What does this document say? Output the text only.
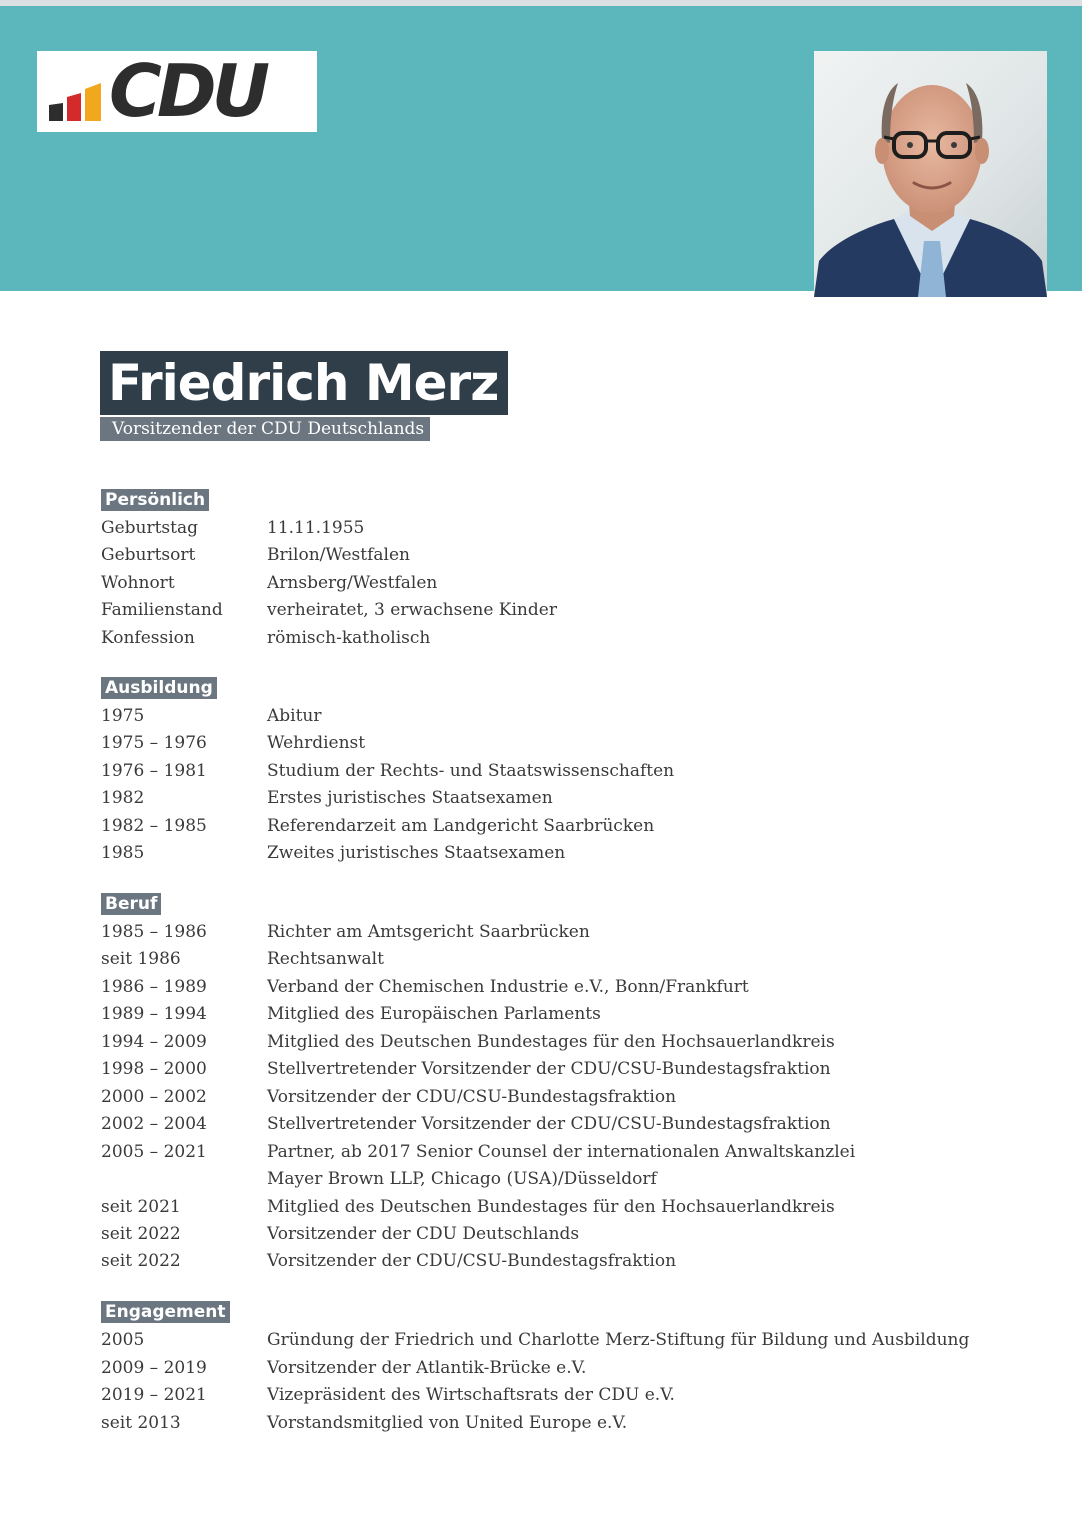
CDU
Friedrich Merz
Vorsitzender der CDU Deutschlands
Persönlich
Geburtstag	11.11.1955
Geburtsort	Brilon/Westfalen
Wohnort	Arnsberg/Westfalen
Familienstand	verheiratet, 3 erwachsene Kinder
Konfession	römisch-katholisch
Ausbildung
1975	Abitur
1975 – 1976	Wehrdienst
1976 – 1981	Studium der Rechts- und Staatswissenschaften
1982	Erstes juristisches Staatsexamen
1982 – 1985	Referendarzeit am Landgericht Saarbrücken
1985	Zweites juristisches Staatsexamen
Beruf
1985 – 1986	Richter am Amtsgericht Saarbrücken
seit 1986	Rechtsanwalt
1986 – 1989	Verband der Chemischen Industrie e.V., Bonn/Frankfurt
1989 – 1994	Mitglied des Europäischen Parlaments
1994 – 2009	Mitglied des Deutschen Bundestages für den Hochsauerlandkreis
1998 – 2000	Stellvertretender Vorsitzender der CDU/CSU-Bundestagsfraktion
2000 – 2002	Vorsitzender der CDU/CSU-Bundestagsfraktion
2002 – 2004	Stellvertretender Vorsitzender der CDU/CSU-Bundestagsfraktion
2005 – 2021	Partner, ab 2017 Senior Counsel der internationalen Anwaltskanzlei
Mayer Brown LLP, Chicago (USA)/Düsseldorf
seit 2021	Mitglied des Deutschen Bundestages für den Hochsauerlandkreis
seit 2022	Vorsitzender der CDU Deutschlands
seit 2022	Vorsitzender der CDU/CSU-Bundestagsfraktion
Engagement
2005	Gründung der Friedrich und Charlotte Merz-Stiftung für Bildung und Ausbildung
2009 – 2019	Vorsitzender der Atlantik-Brücke e.V.
2019 – 2021	Vizepräsident des Wirtschaftsrats der CDU e.V.
seit 2013	Vorstandsmitglied von United Europe e.V.
